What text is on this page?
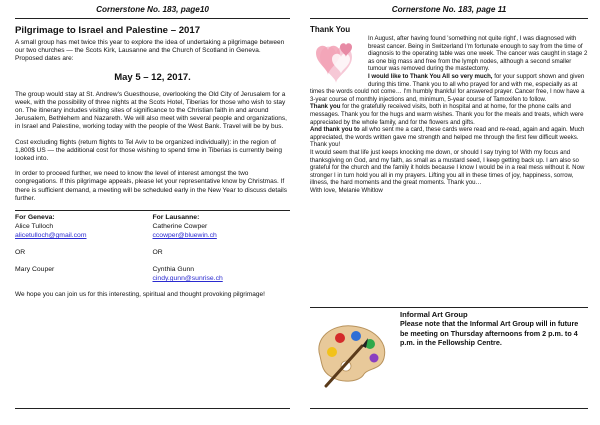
Cornerstone No. 183, page10
Pilgrimage to Israel and Palestine – 2017

A small group has met twice this year to explore the idea of undertaking a pilgrimage between our two churches — the Scots Kirk, Lausanne and the Church of Scotland in Geneva. Proposed dates are:

May 5 – 12, 2017.

The group would stay at St. Andrew's Guesthouse, overlooking the Old City of Jerusalem for a week, with the possibility of three nights at the Scots Hotel, Tiberias for those who wish to stay on. The itinerary includes visiting sites of significance to the Christian faith in and around Jerusalem, Bethlehem and Nazareth. We will also meet with several people and organizations, in Israel and Palestine, working today with the people of the West Bank. Travel will be by bus.

Cost excluding flights (return flights to Tel Aviv to be organized individually): in the region of 1,800$ US — the additional cost for those wishing to spend time in Tiberias is currently being looked into.

In order to proceed further, we need to know the level of interest amongst the two congregations. If this pilgrimage appeals, please let your representative know by Christmas. If there is sufficient demand, a meeting will be scheduled early in the New Year to discuss details further.

For Geneva:
Alice Tulloch
alicetulloch@gmail.com
OR
Mary Couper
For Lausanne:
Catherine Cowper
ccowper@bluewin.ch
OR
Cynthia Gunn
cindy.gunn@sunrise.ch

We hope you can join us for this interesting, spiritual and thought provoking pilgrimage!

Cornerstone No. 183, page 11
Thank You

In August, after having found 'something not quite right', I was diagnosed with breast cancer. Being in Switzerland I'm fortunate enough to say from the time of diagnosis to the operating table was one week. The cancer was caught in stage 2 as one big mass and free from the lymph nodes, although a second smaller tumour was removed during the mastectomy.

I would like to Thank You All so very much, for your support shown and given during this time. Thank you to all who prayed for and with me, especially as at times the words could not come… I'm humbly thankful for answered prayer. Cancer free, I now have a 3-year course of monthly injections and, minimum, 5-year course of Tamoxifen to follow.

Thank you for the gratefully received visits, both in hospital and at home, for the phone calls and messages. Thank you for the hugs and warm wishes. Thank you for the meals and treats, which were appreciated by the whole family, and for the flowers and gifts.

And thank you to all who sent me a card, these cards were read and re-read, again and again. Much appreciated, the words written gave me strength and helped me through the first few difficult weeks. Thank you!

It would seem that life just keeps knocking me down, or should I say trying to! With my focus and thanksgiving on God, and my faith, as small as a mustard seed, I keep getting back up. I am also so grateful for the church and the family it holds because I know I would be in a real mess without it. Now stronger I in turn hold you all in my prayers. Lifting you all in these times of joy, happiness, sorrow, illness, the hard moments and the great moments. Thank you…

With love, Melanie Whitlow

Informal Art Group
Please note that the Informal Art Group will in future be meeting on Thursday afternoons from 2 p.m. to 4 p.m. in the Fellowship Centre.
